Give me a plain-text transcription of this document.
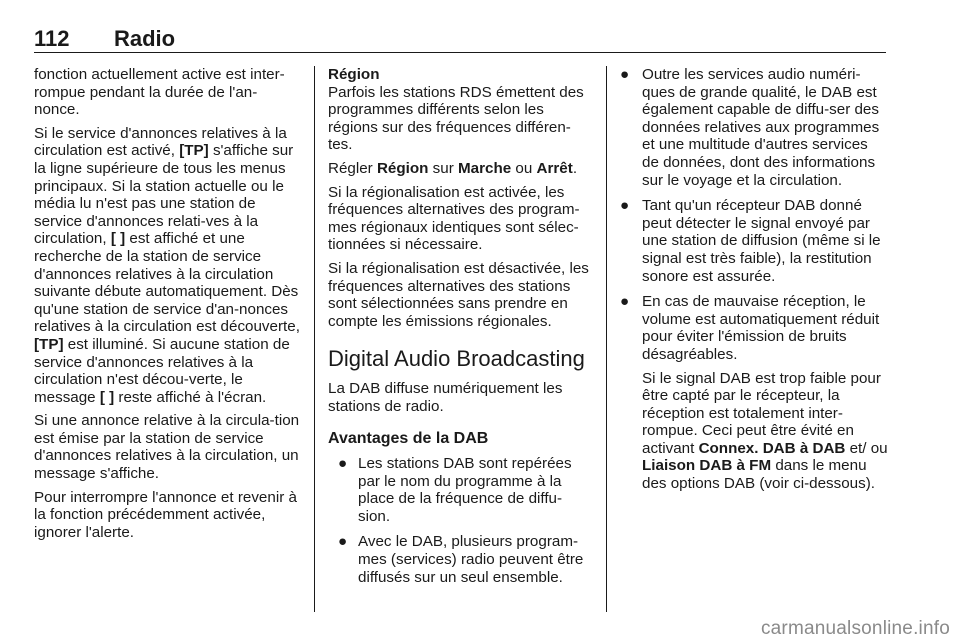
112 Radio

fonction actuellement active est inter-rompue pendant la durée de l'an-nonce.

Si le service d'annonces relatives à la circulation est activé, [TP] s'affiche sur la ligne supérieure de tous les menus principaux. Si la station actuelle ou le média lu n'est pas une station de service d'annonces relati-ves à la circulation, [ ] est affiché et une recherche de la station de service d'annonces relatives à la circulation suivante débute automatiquement. Dès qu'une station de service d'an-nonces relatives à la circulation est découverte, [TP] est illuminé. Si aucune station de service d'annonces relatives à la circulation n'est décou-verte, le message [ ] reste affiché à l'écran.

Si une annonce relative à la circula-tion est émise par la station de service d'annonces relatives à la circulation, un message s'affiche.

Pour interrompre l'annonce et revenir à la fonction précédemment activée, ignorer l'alerte.

Région

Parfois les stations RDS émettent des programmes différents selon les régions sur des fréquences différen-tes.

Régler Région sur Marche ou Arrêt.

Si la régionalisation est activée, les fréquences alternatives des program-mes régionaux identiques sont sélec-tionnées si nécessaire.

Si la régionalisation est désactivée, les fréquences alternatives des stations sont sélectionnées sans prendre en compte les émissions régionales.

Digital Audio Broadcasting

La DAB diffuse numériquement les stations de radio.

Avantages de la DAB
● Les stations DAB sont repérées par le nom du programme à la place de la fréquence de diffu-sion.
● Avec le DAB, plusieurs program-mes (services) radio peuvent être diffusés sur un seul ensemble.
● Outre les services audio numéri-ques de grande qualité, le DAB est également capable de diffu-ser des données relatives aux programmes et une multitude d'autres services de données, dont des informations sur le voyage et la circulation.
● Tant qu'un récepteur DAB donné peut détecter le signal envoyé par une station de diffusion (même si le signal est très faible), la restitution sonore est assurée.
● En cas de mauvaise réception, le volume est automatiquement réduit pour éviter l'émission de bruits désagréables.
Si le signal DAB est trop faible pour être capté par le récepteur, la réception est totalement inter-rompue. Ceci peut être évité en activant Connex. DAB à DAB et/ ou Liaison DAB à FM dans le menu des options DAB (voir ci-dessous).
carmanualsonline.info
